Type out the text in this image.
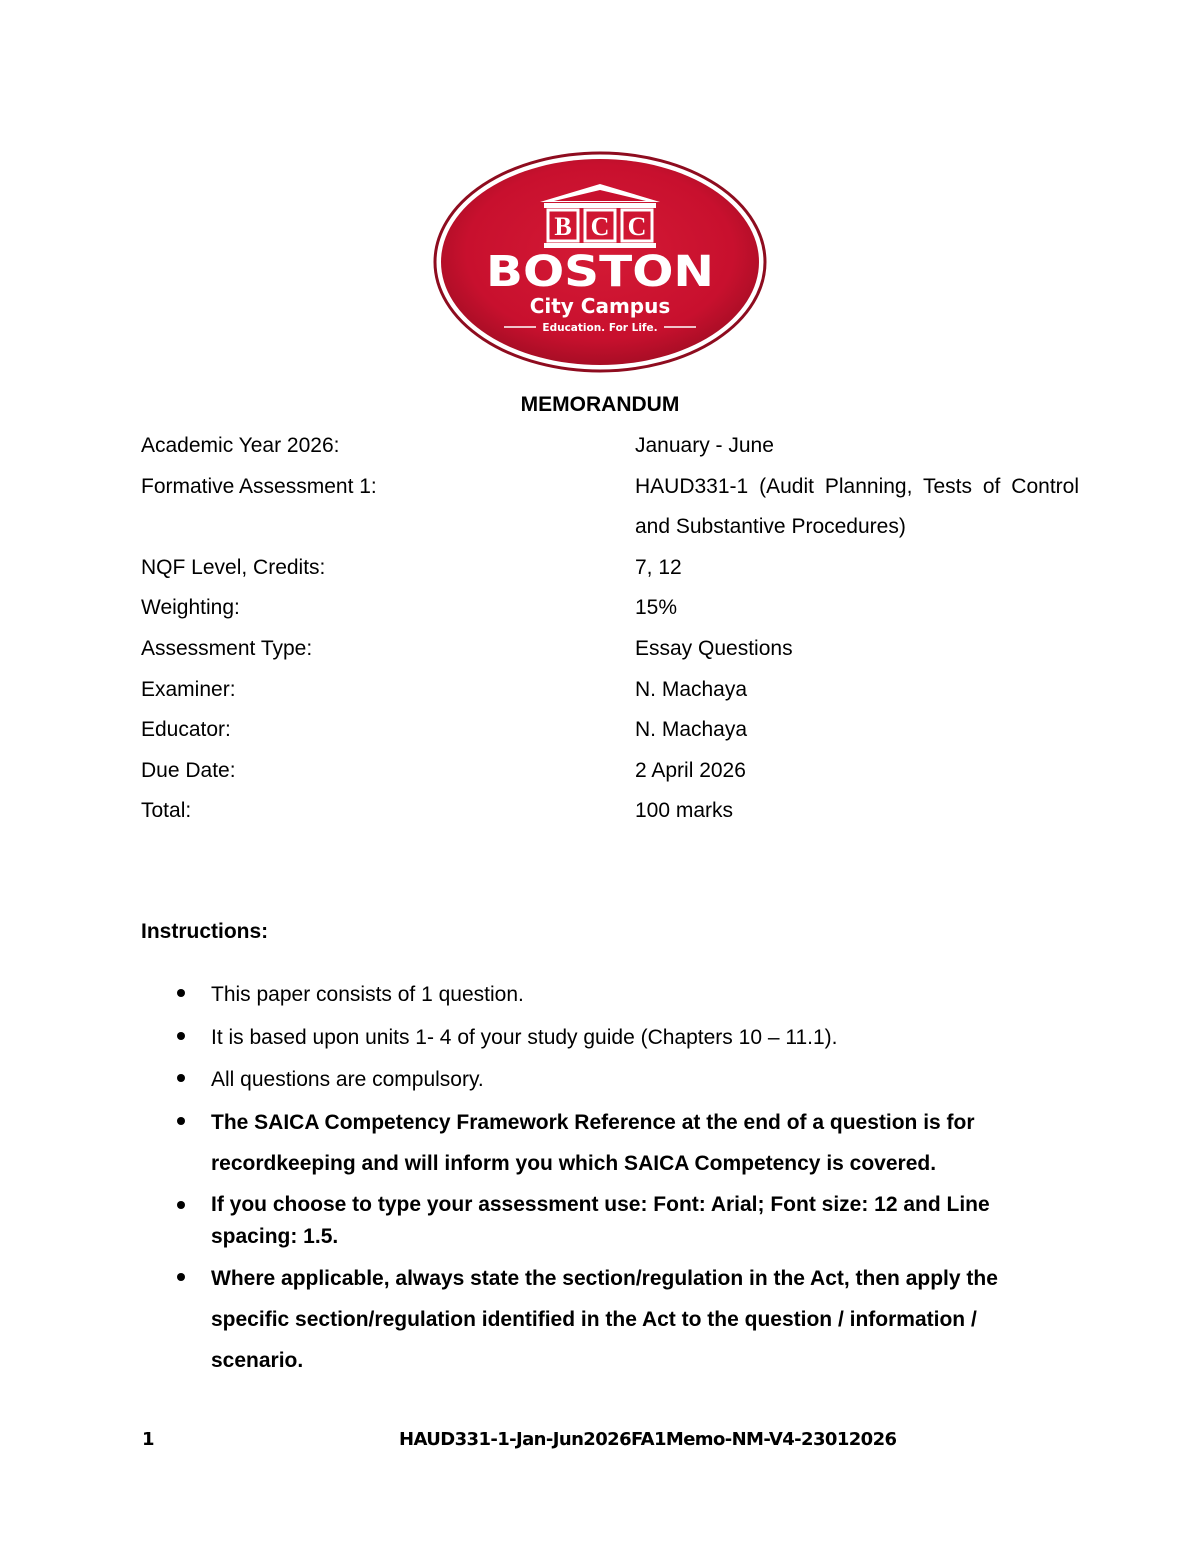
B C C
BOSTON
City Campus
Education. For Life.
MEMORANDUM
Academic Year 2026:	January - June
Formative Assessment 1:	HAUD331-1 (Audit Planning, Tests of Control and Substantive Procedures)
NQF Level, Credits:	7, 12
Weighting:	15%
Assessment Type:	Essay Questions
Examiner:	N. Machaya
Educator:	N. Machaya
Due Date:	2 April 2026
Total:	100 marks
Instructions:
This paper consists of 1 question.
It is based upon units 1- 4 of your study guide (Chapters 10 – 11.1).
All questions are compulsory.
The SAICA Competency Framework Reference at the end of a question is for recordkeeping and will inform you which SAICA Competency is covered.
If you choose to type your assessment use: Font: Arial; Font size: 12 and Line spacing: 1.5.
Where applicable, always state the section/regulation in the Act, then apply the specific section/regulation identified in the Act to the question / information / scenario.
1	HAUD331-1-Jan-Jun2026FA1Memo-NM-V4-23012026
